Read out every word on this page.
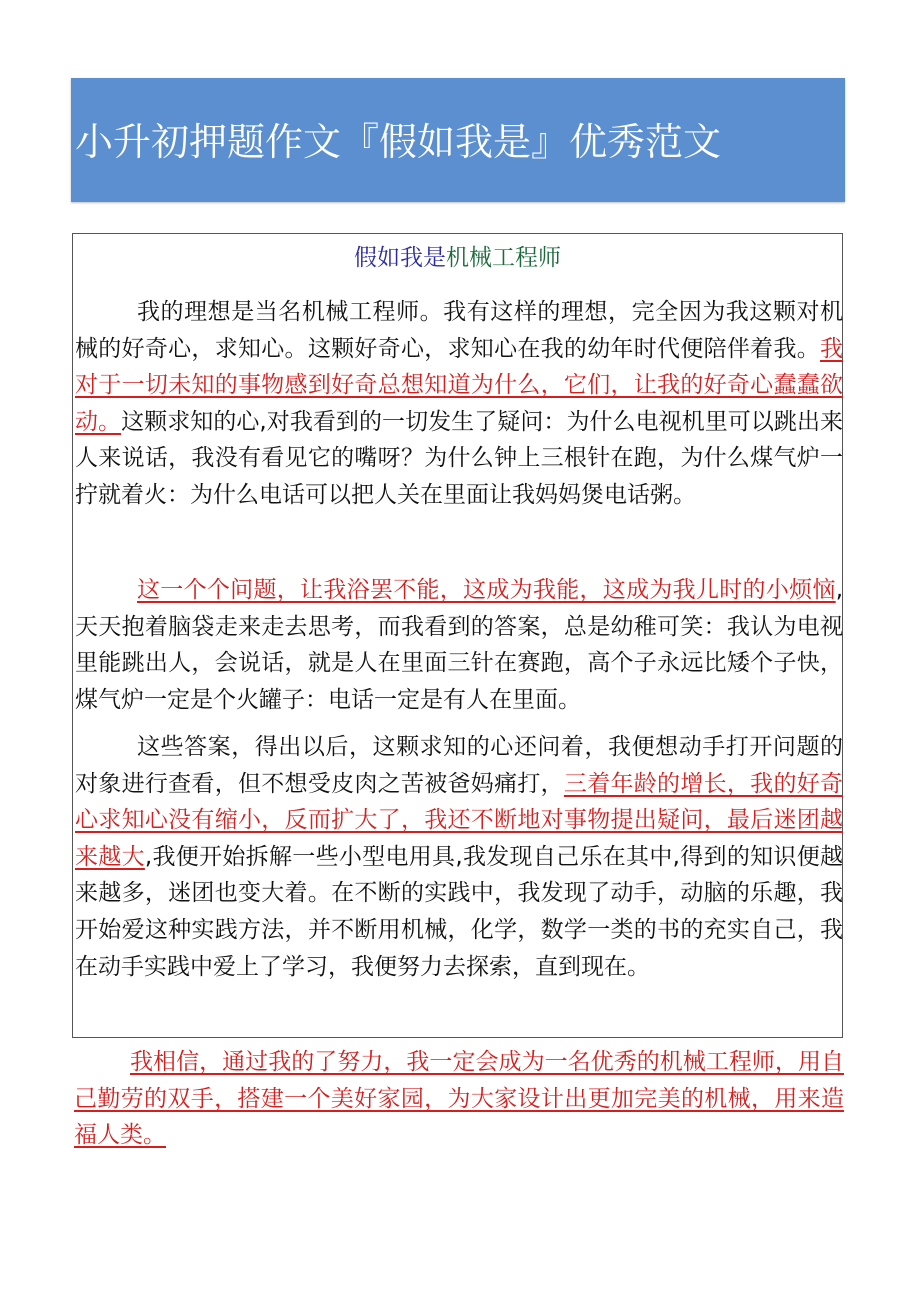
小升初押题作文『假如我是』优秀范文
假如我是机械工程师

我的理想是当名机械工程师。我有这样的理想，完全因为我这颗对机械的好奇心，求知心。这颗好奇心，求知心在我的幼年时代便陪伴着我。我对于一切未知的事物感到好奇总想知道为什么，它们，让我的好奇心蠢蠢欲动。这颗求知的心,对我看到的一切发生了疑问：为什么电视机里可以跳出来人来说话，我没有看见它的嘴呀？为什么钟上三根针在跑，为什么煤气炉一拧就着火：为什么电话可以把人关在里面让我妈妈煲电话粥。

这一个个问题，让我浴罢不能，这成为我能，这成为我儿时的小烦恼,天天抱着脑袋走来走去思考，而我看到的答案，总是幼稚可笑：我认为电视里能跳出人，会说话，就是人在里面三针在赛跑，高个子永远比矮个子快，煤气炉一定是个火罐子：电话一定是有人在里面。

这些答案，得出以后，这颗求知的心还问着，我便想动手打开问题的对象进行查看，但不想受皮肉之苦被爸妈痛打，三着年龄的增长，我的好奇心求知心没有缩小，反而扩大了，我还不断地对事物提出疑问，最后迷团越来越大,我便开始拆解一些小型电用具,我发现自己乐在其中,得到的知识便越来越多，迷团也变大着。在不断的实践中，我发现了动手，动脑的乐趣，我开始爱这种实践方法，并不断用机械，化学，数学一类的书的充实自己，我在动手实践中爱上了学习，我便努力去探索，直到现在。

我相信，通过我的了努力，我一定会成为一名优秀的机械工程师，用自己勤劳的双手，搭建一个美好家园，为大家设计出更加完美的机械，用来造福人类。
